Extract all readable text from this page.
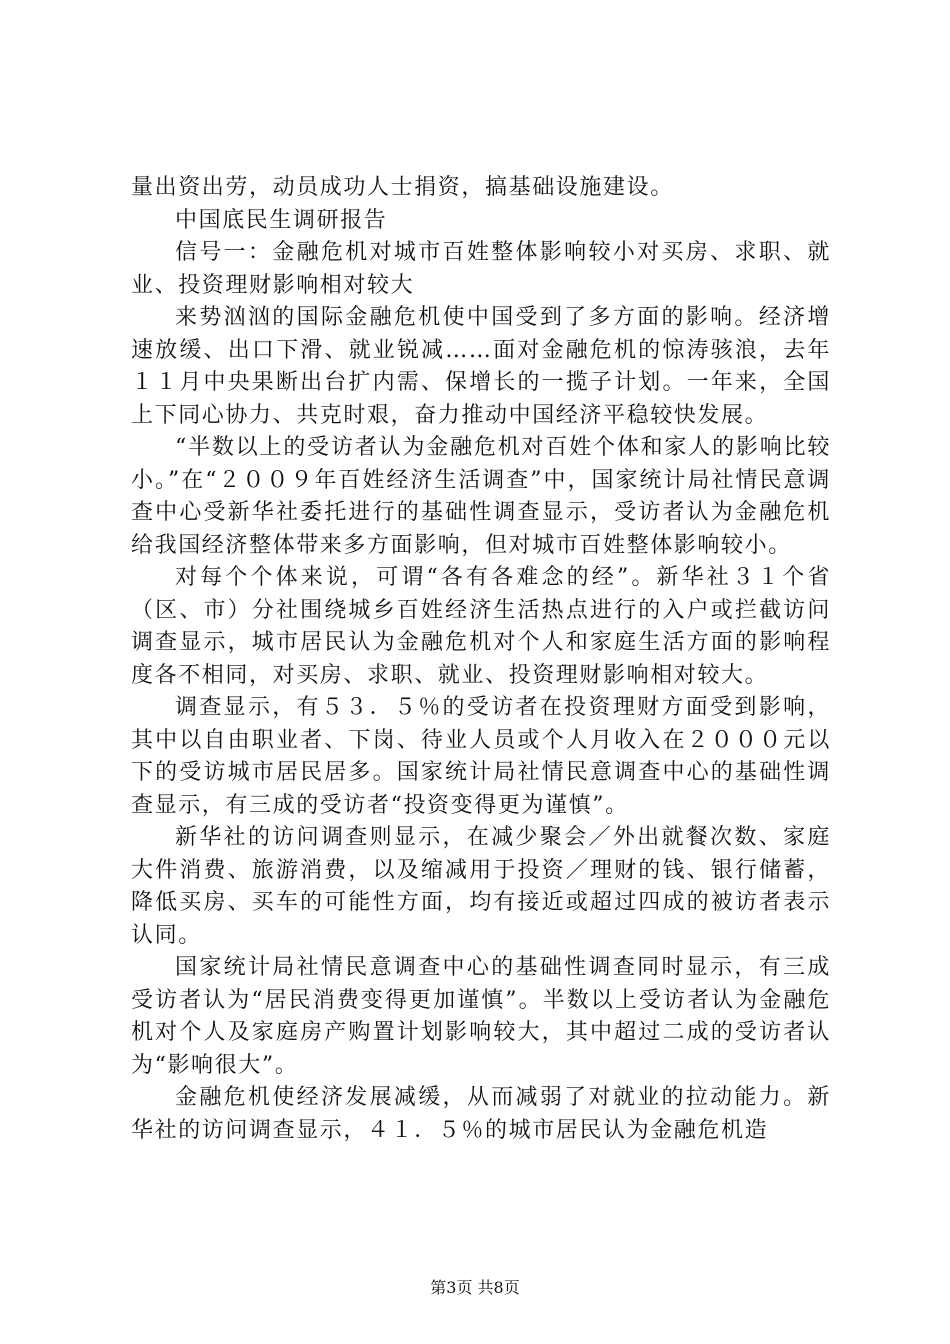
量出资出劳，动员成功人士捐资，搞基础设施建设。

中国底民生调研报告

信号一：金融危机对城市百姓整体影响较小对买房、求职、就业、投资理财影响相对较大

来势汹汹的国际金融危机使中国受到了多方面的影响。经济增速放缓、出口下滑、就业锐减……面对金融危机的惊涛骇浪，去年１１月中央果断出台扩内需、保增长的一揽子计划。一年来，全国上下同心协力、共克时艰，奋力推动中国经济平稳较快发展。

“半数以上的受访者认为金融危机对百姓个体和家人的影响比较小。”在“２００９年百姓经济生活调查”中，国家统计局社情民意调查中心受新华社委托进行的基础性调查显示，受访者认为金融危机给我国经济整体带来多方面影响，但对城市百姓整体影响较小。

对每个个体来说，可谓“各有各难念的经”。新华社３１个省（区、市）分社围绕城乡百姓经济生活热点进行的入户或拦截访问调查显示，城市居民认为金融危机对个人和家庭生活方面的影响程度各不相同，对买房、求职、就业、投资理财影响相对较大。

调查显示，有５３．５％的受访者在投资理财方面受到影响，其中以自由职业者、下岗、待业人员或个人月收入在２０００元以下的受访城市居民居多。国家统计局社情民意调查中心的基础性调查显示，有三成的受访者“投资变得更为谨慎”。

新华社的访问调查则显示，在减少聚会／外出就餐次数、家庭大件消费、旅游消费，以及缩减用于投资／理财的钱、银行储蓄，降低买房、买车的可能性方面，均有接近或超过四成的被访者表示认同。

国家统计局社情民意调查中心的基础性调查同时显示，有三成受访者认为“居民消费变得更加谨慎”。半数以上受访者认为金融危机对个人及家庭房产购置计划影响较大，其中超过二成的受访者认为“影响很大”。

金融危机使经济发展减缓，从而减弱了对就业的拉动能力。新华社的访问调查显示，４１．５％的城市居民认为金融危机造

第3页 共8页
